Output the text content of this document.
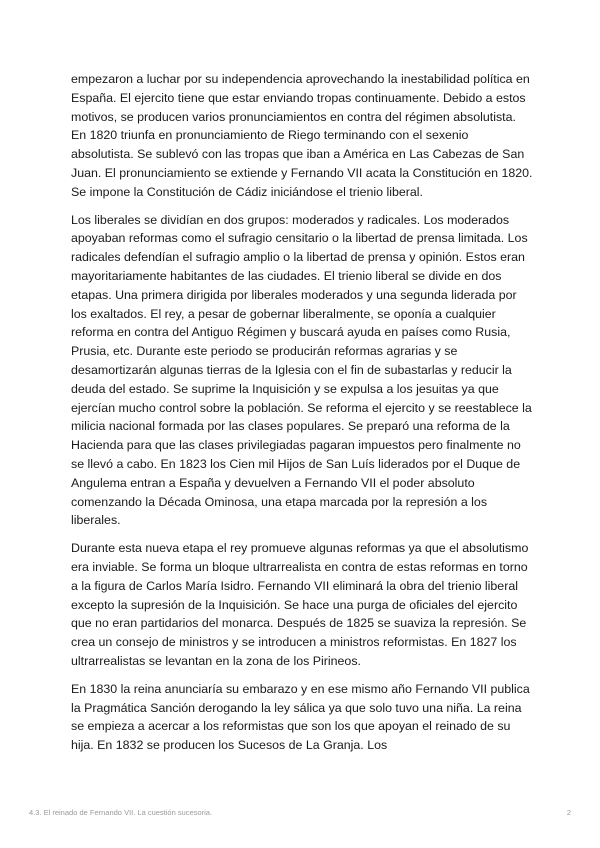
empezaron a luchar por su independencia aprovechando la inestabilidad política en España. El ejercito tiene que estar enviando tropas continuamente. Debido a estos motivos, se producen varios pronunciamientos en contra del régimen absolutista. En 1820 triunfa en pronunciamiento de Riego terminando con el sexenio absolutista. Se sublevó con las tropas que iban a América en Las Cabezas de San Juan. El pronunciamiento se extiende y Fernando VII acata la Constitución en 1820. Se impone la Constitución de Cádiz iniciándose el trienio liberal.

Los liberales se dividían en dos grupos: moderados y radicales. Los moderados apoyaban reformas como el sufragio censitario o la libertad de prensa limitada. Los radicales defendían el sufragio amplio o la libertad de prensa y opinión. Estos eran mayoritariamente habitantes de las ciudades. El trienio liberal se divide en dos etapas. Una primera dirigida por liberales moderados y una segunda liderada por los exaltados. El rey, a pesar de gobernar liberalmente, se oponía a cualquier reforma en contra del Antiguo Régimen y buscará ayuda en países como Rusia, Prusia, etc. Durante este periodo se producirán reformas agrarias y se desamortizarán algunas tierras de la Iglesia con el fin de subastarlas y reducir la deuda del estado. Se suprime la Inquisición y se expulsa a los jesuitas ya que ejercían mucho control sobre la población. Se reforma el ejercito y se reestablece la milicia nacional formada por las clases populares. Se preparó una reforma de la Hacienda para que las clases privilegiadas pagaran impuestos pero finalmente no se llevó a cabo. En 1823 los Cien mil Hijos de San Luís liderados por el Duque de Angulema entran a España y devuelven a Fernando VII el poder absoluto comenzando la Década Ominosa, una etapa marcada por la represión a los liberales.

Durante esta nueva etapa el rey promueve algunas reformas ya que el absolutismo era inviable. Se forma un bloque ultrarrealista en contra de estas reformas en torno a la figura de Carlos María Isidro. Fernando VII eliminará la obra del trienio liberal excepto la supresión de la Inquisición. Se hace una purga de oficiales del ejercito que no eran partidarios del monarca. Después de 1825 se suaviza la represión. Se crea un consejo de ministros y se introducen a ministros reformistas. En 1827 los ultrarrealistas se levantan en la zona de los Pirineos.

En 1830 la reina anunciaría su embarazo y en ese mismo año Fernando VII publica la Pragmática Sanción derogando la ley sálica ya que solo tuvo una niña. La reina se empieza a acercar a los reformistas que son los que apoyan el reinado de su hija. En 1832 se producen los Sucesos de La Granja. Los

4.3. El reinado de Fernando VII. La cuestión sucesoria.	2
